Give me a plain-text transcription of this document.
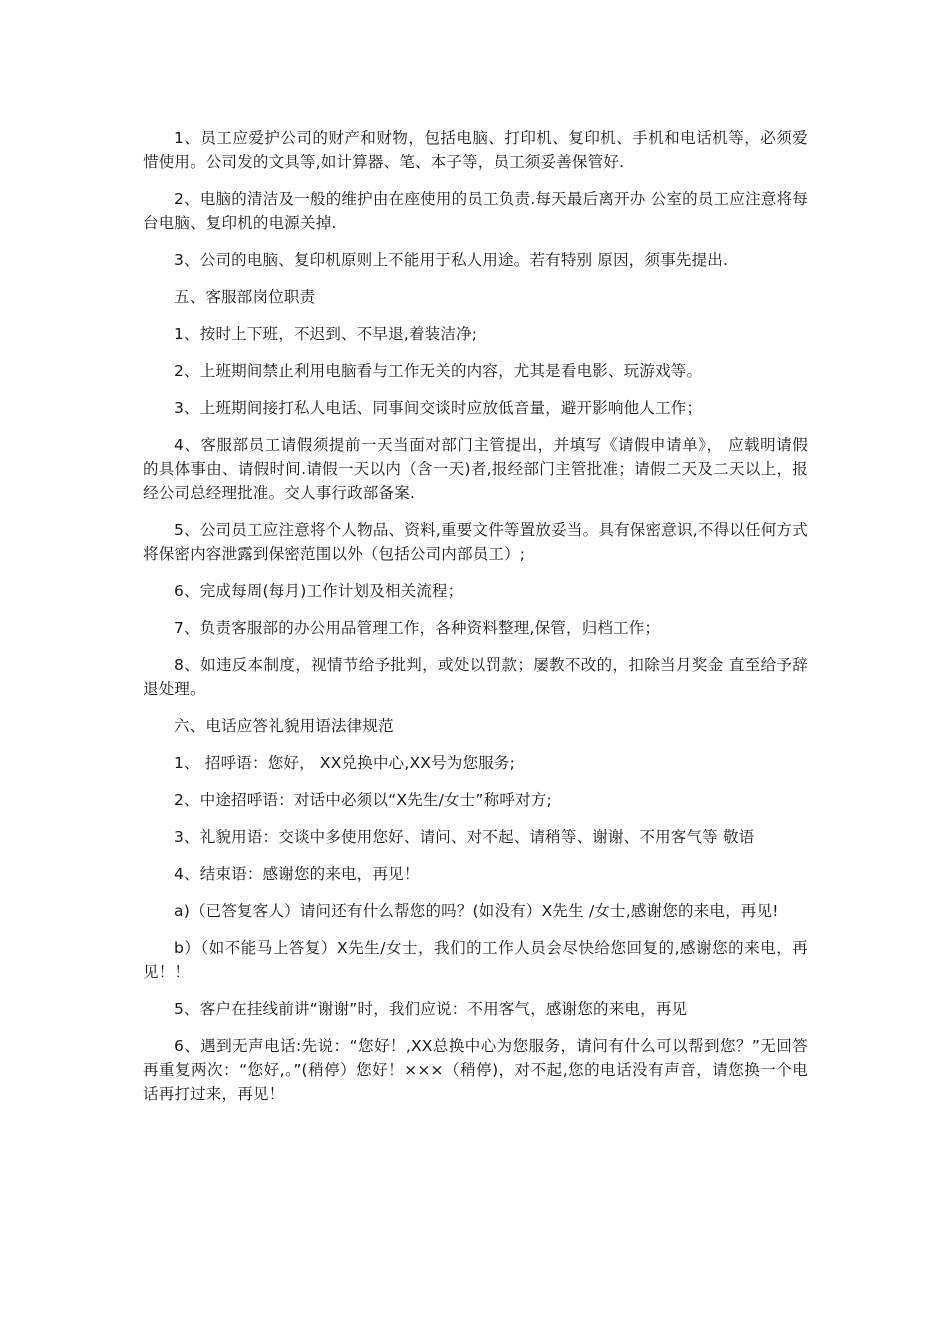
1、员工应爱护公司的财产和财物，包括电脑、打印机、复印机、手机和电话机等，必须爱惜使用。公司发的文具等,如计算器、笔、本子等，员工须妥善保管好.

2、电脑的清洁及一般的维护由在座使用的员工负责.每天最后离开办 公室的员工应注意将每台电脑、复印机的电源关掉.

3、公司的电脑、复印机原则上不能用于私人用途。若有特别 原因，须事先提出.

五、客服部岗位职责

1、按时上下班，不迟到、不早退,着装洁净;

2、上班期间禁止利用电脑看与工作无关的内容，尤其是看电影、玩游戏等。

3、上班期间接打私人电话、同事间交谈时应放低音量，避开影响他人工作；

4、客服部员工请假须提前一天当面对部门主管提出，并填写《请假申请单》， 应载明请假的具体事由、请假时间.请假一天以内（含一天)者,报经部门主管批准；请假二天及二天以上，报经公司总经理批准。交人事行政部备案.

5、公司员工应注意将个人物品、资料,重要文件等置放妥当。具有保密意识,不得以任何方式将保密内容泄露到保密范围以外（包括公司内部员工）;

6、完成每周(每月)工作计划及相关流程；

7、负责客服部的办公用品管理工作，各种资料整理,保管，归档工作；

8、如违反本制度，视情节给予批判，或处以罚款；屡教不改的，扣除当月奖金 直至给予辞退处理。

六、电话应答礼貌用语法律规范

1、 招呼语：您好， XX兑换中心,XX号为您服务;

2、中途招呼语：对话中必须以“X先生/女士”称呼对方;

3、礼貌用语：交谈中多使用您好、请问、对不起、请稍等、谢谢、不用客气等 敬语

4、结束语：感谢您的来电，再见！

a)（已答复客人）请问还有什么帮您的吗？(如没有）X先生 /女士,感谢您的来电，再见!

b）（如不能马上答复）X先生/女士，我们的工作人员会尽快给您回复的,感谢您的来电，再见！！

5、客户在挂线前讲“谢谢”时，我们应说：不用客气，感谢您的来电，再见

6、遇到无声电话:先说：“您好！,XX总换中心为您服务，请问有什么可以帮到您？”无回答再重复两次：“您好,。”(稍停）您好！×××（稍停)，对不起,您的电话没有声音，请您换一个电话再打过来，再见！
